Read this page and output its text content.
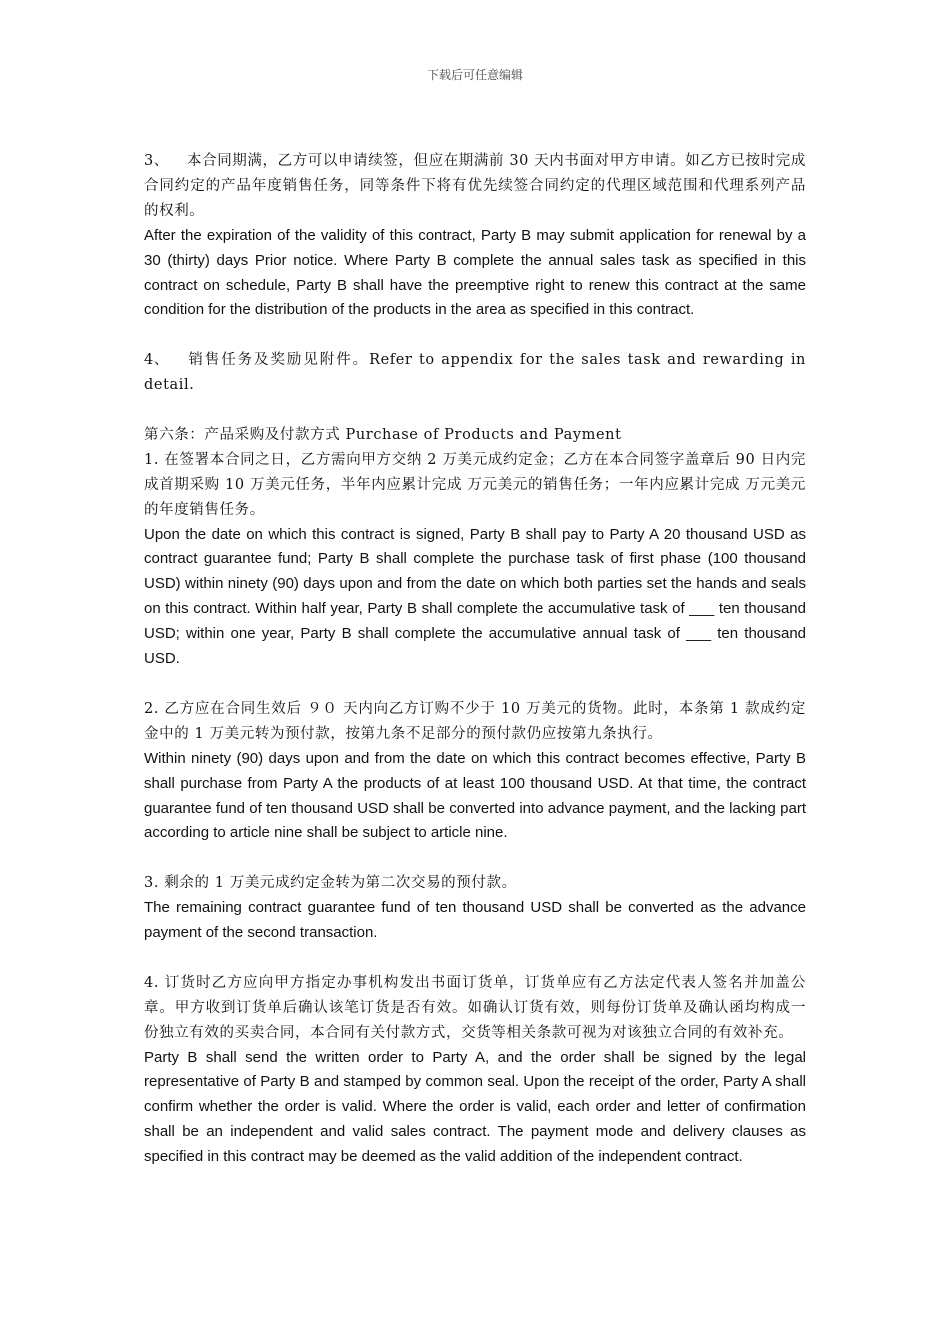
下载后可任意编辑

3、 本合同期满，乙方可以申请续签，但应在期满前 30 天内书面对甲方申请。如乙方已按时完成合同约定的产品年度销售任务，同等条件下将有优先续签合同约定的代理区域范围和代理系列产品的权利。

After the expiration of the validity of this contract, Party B may submit application for renewal by a 30 (thirty) days Prior notice. Where Party B complete the annual sales task as specified in this contract on schedule, Party B shall have the preemptive right to renew this contract at the same condition for the distribution of the products in the area as specified in this contract.

4、 销售任务及奖励见附件。Refer to appendix for the sales task and rewarding in detail.

第六条：产品采购及付款方式 Purchase of Products and Payment

1. 在签署本合同之日，乙方需向甲方交纳 2 万美元成约定金；乙方在本合同签字盖章后 90 日内完成首期采购 10 万美元任务，半年内应累计完成 万元美元的销售任务；一年内应累计完成 万元美元的年度销售任务。

Upon the date on which this contract is signed, Party B shall pay to Party A 20 thousand USD as contract guarantee fund; Party B shall complete the purchase task of first phase (100 thousand USD) within ninety (90) days upon and from the date on which both parties set the hands and seals on this contract. Within half year, Party B shall complete the accumulative task of ___ ten thousand USD; within one year, Party B shall complete the accumulative annual task of ___ ten thousand USD.

2. 乙方应在合同生效后 ９０ 天内向乙方订购不少于 10 万美元的货物。此时，本条第 1 款成约定金中的 1 万美元转为预付款，按第九条不足部分的预付款仍应按第九条执行。

Within ninety (90) days upon and from the date on which this contract becomes effective, Party B shall purchase from Party A the products of at least 100 thousand USD. At that time, the contract guarantee fund of ten thousand USD shall be converted into advance payment, and the lacking part according to article nine shall be subject to article nine.

3. 剩余的 1 万美元成约定金转为第二次交易的预付款。

The remaining contract guarantee fund of ten thousand USD shall be converted as the advance payment of the second transaction.

4. 订货时乙方应向甲方指定办事机构发出书面订货单，订货单应有乙方法定代表人签名并加盖公章。甲方收到订货单后确认该笔订货是否有效。如确认订货有效，则每份订货单及确认函均构成一份独立有效的买卖合同，本合同有关付款方式，交货等相关条款可视为对该独立合同的有效补充。

Party B shall send the written order to Party A, and the order shall be signed by the legal representative of Party B and stamped by common seal. Upon the receipt of the order, Party A shall confirm whether the order is valid. Where the order is valid, each order and letter of confirmation shall be an independent and valid sales contract. The payment mode and delivery clauses as specified in this contract may be deemed as the valid addition of the independent contract.
